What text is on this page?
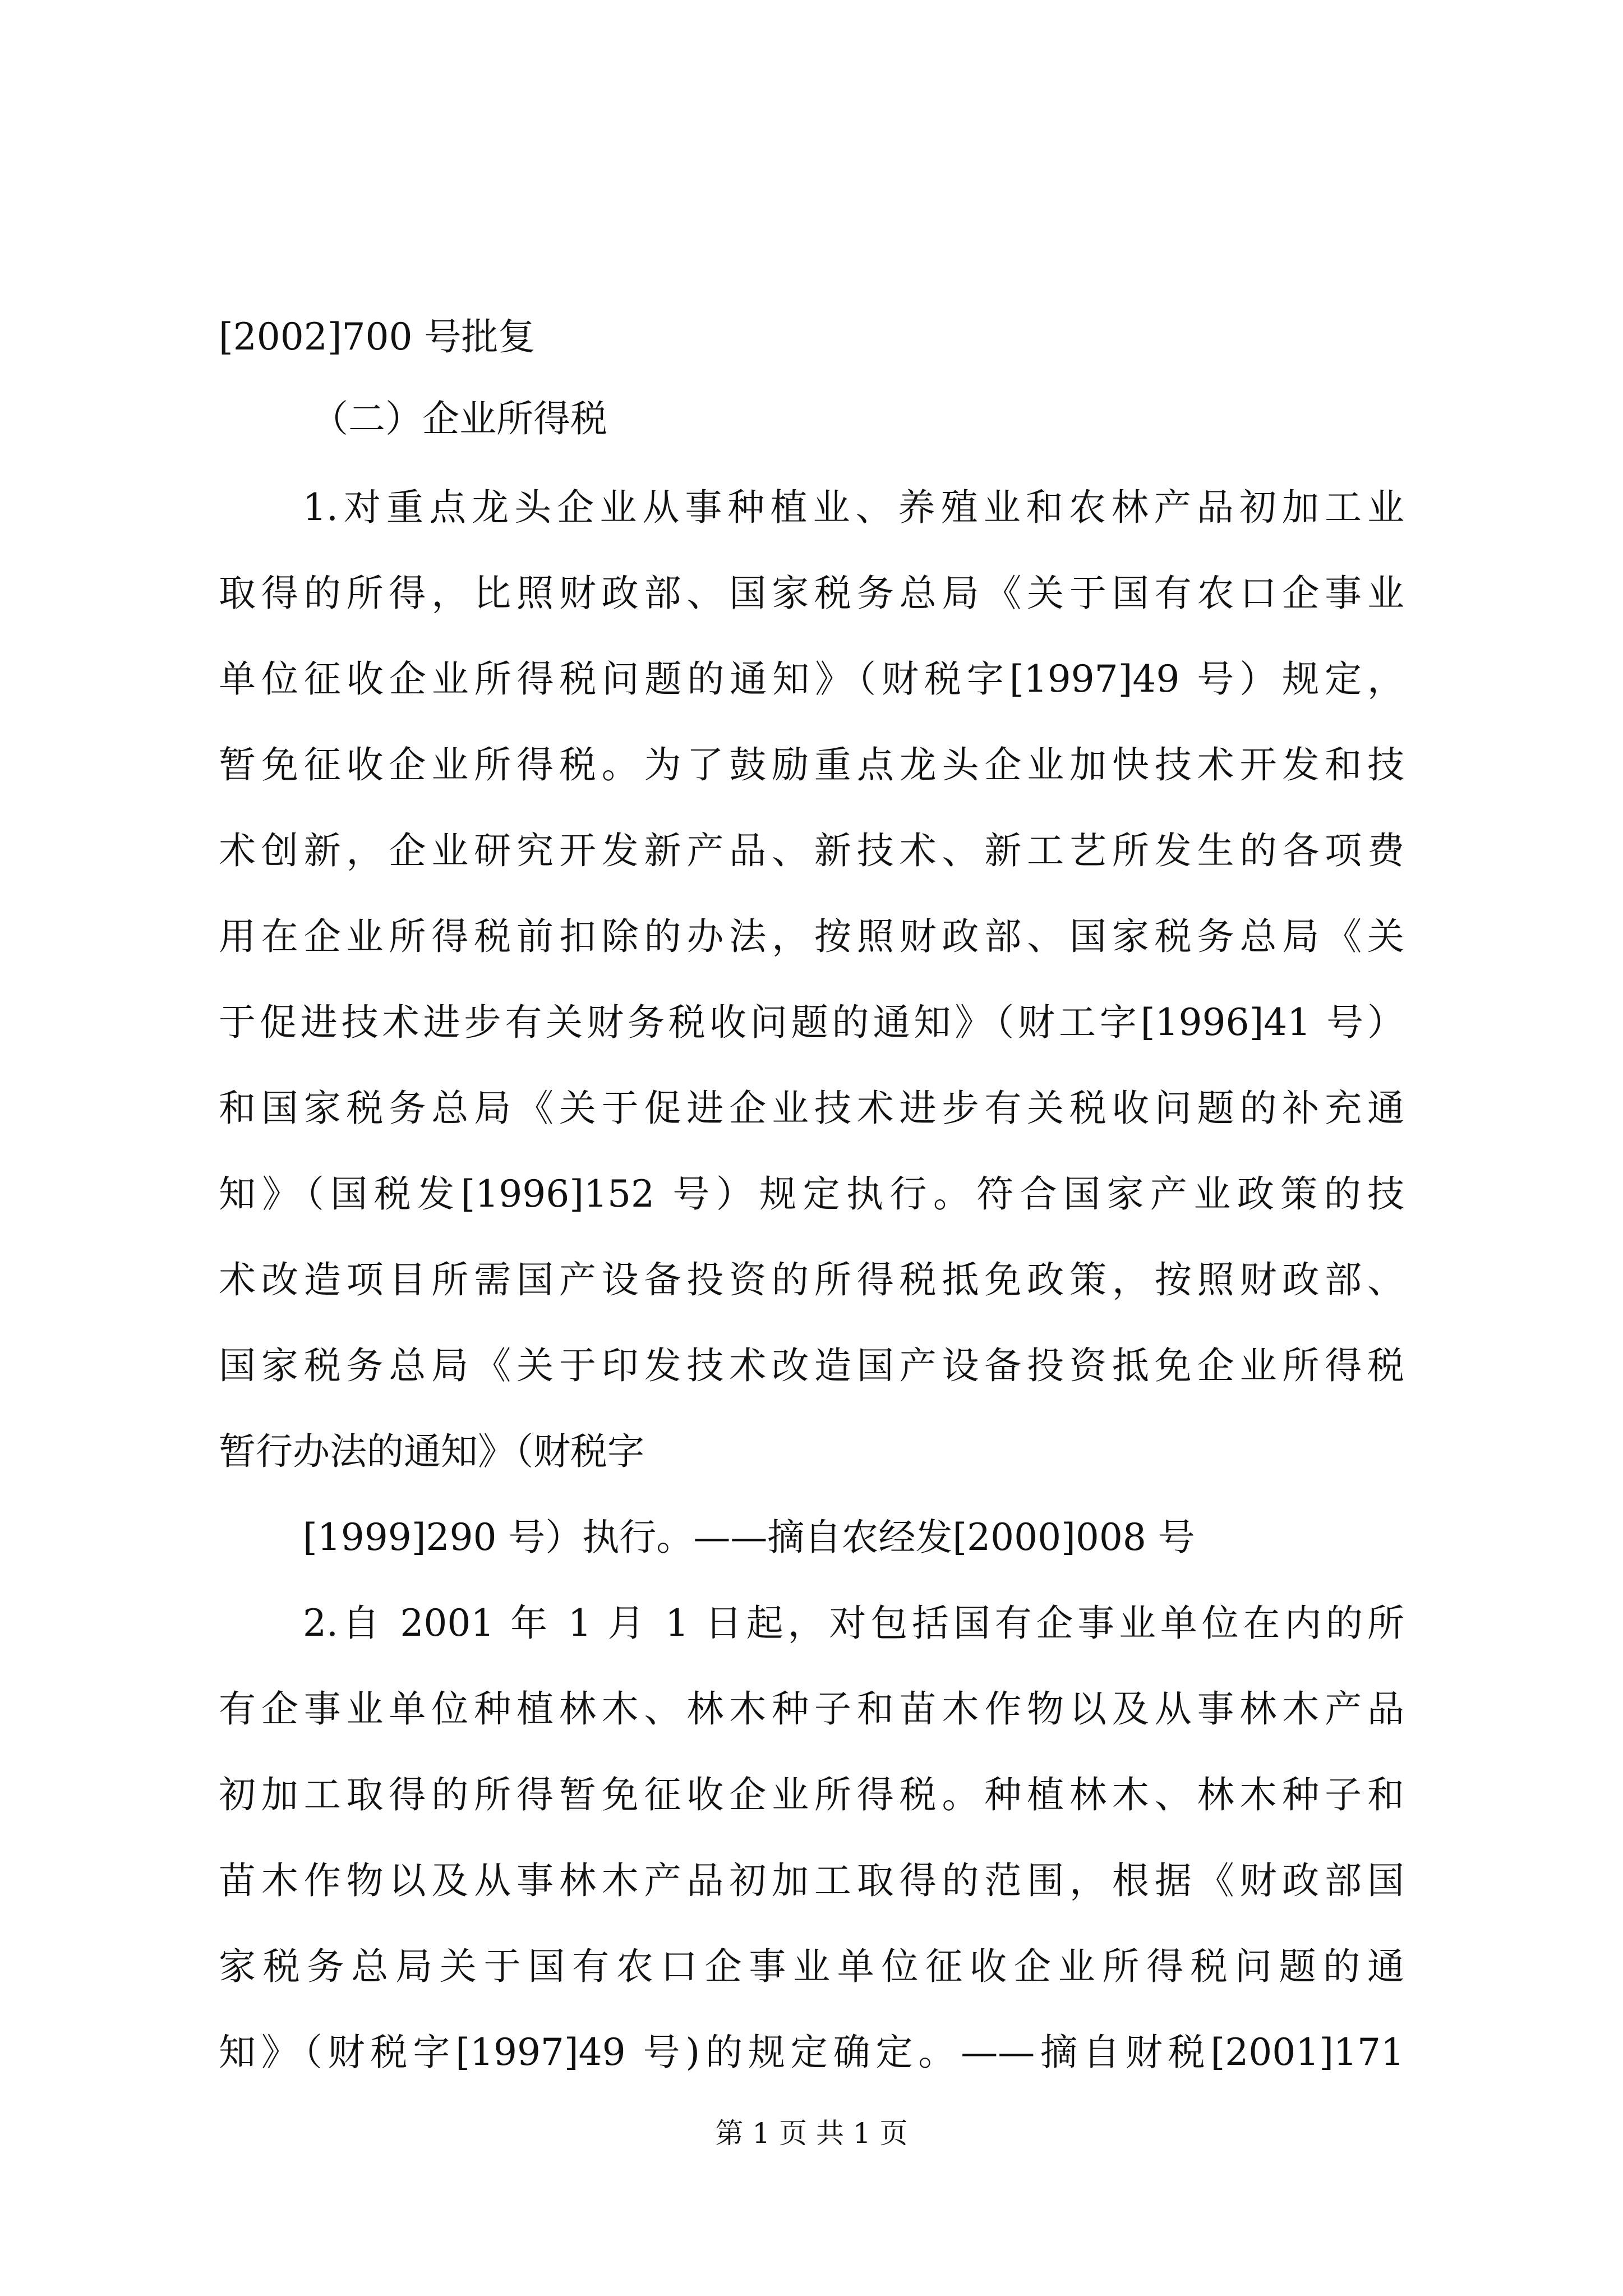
[2002]700 号批复
（二）企业所得税
1.对重点龙头企业从事种植业、养殖业和农林产品初加工业
取得的所得，比照财政部、国家税务总局《关于国有农口企事业
单位征收企业所得税问题的通知》（财税字[1997]49 号）规定，
暂免征收企业所得税。为了鼓励重点龙头企业加快技术开发和技
术创新，企业研究开发新产品、新技术、新工艺所发生的各项费
用在企业所得税前扣除的办法，按照财政部、国家税务总局《关
于促进技术进步有关财务税收问题的通知》（财工字[1996]41 号）
和国家税务总局《关于促进企业技术进步有关税收问题的补充通
知》（国税发[1996]152 号）规定执行。符合国家产业政策的技
术改造项目所需国产设备投资的所得税抵免政策，按照财政部、
国家税务总局《关于印发技术改造国产设备投资抵免企业所得税
暂行办法的通知》（财税字
[1999]290 号）执行。——摘自农经发[2000]008 号
2.自 2001 年 1 月 1 日起，对包括国有企事业单位在内的所
有企事业单位种植林木、林木种子和苗木作物以及从事林木产品
初加工取得的所得暂免征收企业所得税。种植林木、林木种子和
苗木作物以及从事林木产品初加工取得的范围，根据《财政部国
家税务总局关于国有农口企事业单位征收企业所得税问题的通
知》（财税字[1997]49 号)的规定确定。——摘自财税[2001]171
第 1 页 共 1 页
